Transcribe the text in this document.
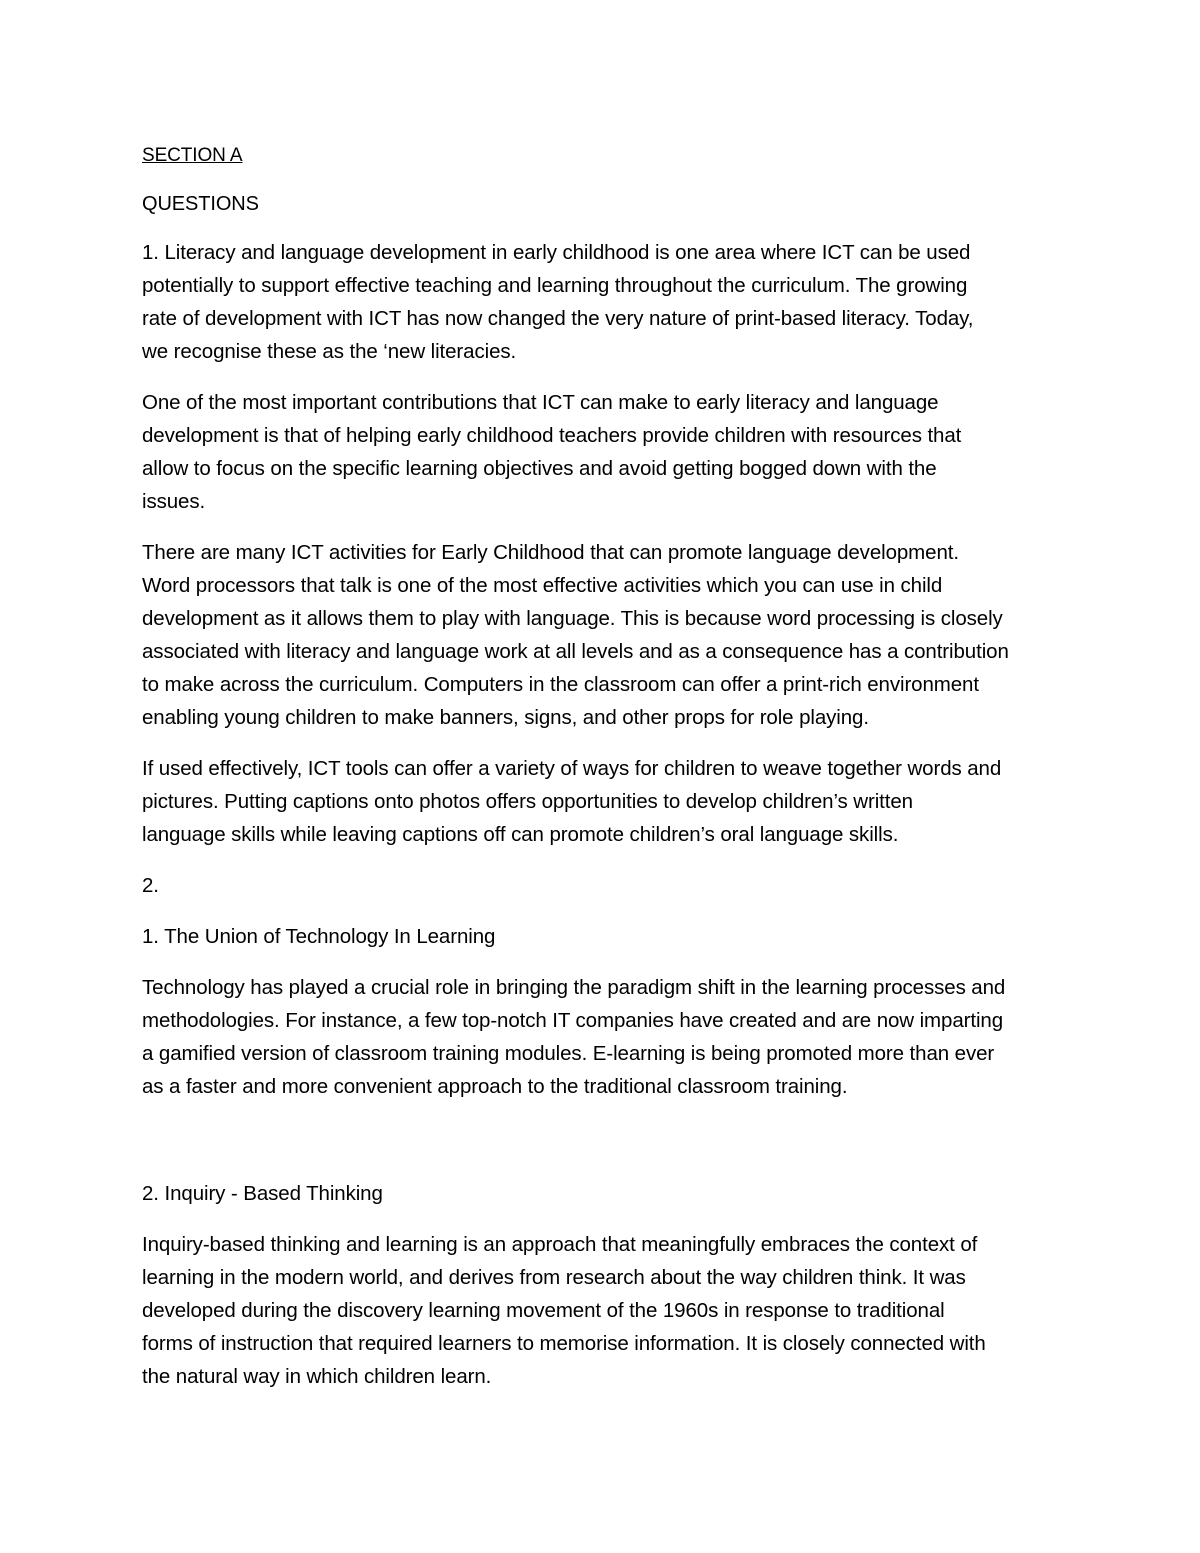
SECTION A

QUESTIONS

1. Literacy and language development in early childhood is one area where ICT can be used
potentially to support effective teaching and learning throughout the curriculum. The growing
rate of development with ICT has now changed the very nature of print-based literacy. Today,
we recognise these as the ‘new literacies.

One of the most important contributions that ICT can make to early literacy and language
development is that of helping early childhood teachers provide children with resources that
allow to focus on the specific learning objectives and avoid getting bogged down with the
issues.

There are many ICT activities for Early Childhood that can promote language development.
Word processors that talk is one of the most effective activities which you can use in child
development as it allows them to play with language. This is because word processing is closely
associated with literacy and language work at all levels and as a consequence has a contribution
to make across the curriculum. Computers in the classroom can offer a print-rich environment
enabling young children to make banners, signs, and other props for role playing.

If used effectively, ICT tools can offer a variety of ways for children to weave together words and
pictures. Putting captions onto photos offers opportunities to develop children’s written
language skills while leaving captions off can promote children’s oral language skills.

2.

1. The Union of Technology In Learning

Technology has played a crucial role in bringing the paradigm shift in the learning processes and
methodologies. For instance, a few top-notch IT companies have created and are now imparting
a gamified version of classroom training modules. E-learning is being promoted more than ever
as a faster and more convenient approach to the traditional classroom training.

2. Inquiry - Based Thinking

Inquiry-based thinking and learning is an approach that meaningfully embraces the context of
learning in the modern world, and derives from research about the way children think. It was
developed during the discovery learning movement of the 1960s in response to traditional
forms of instruction that required learners to memorise information. It is closely connected with
the natural way in which children learn.
